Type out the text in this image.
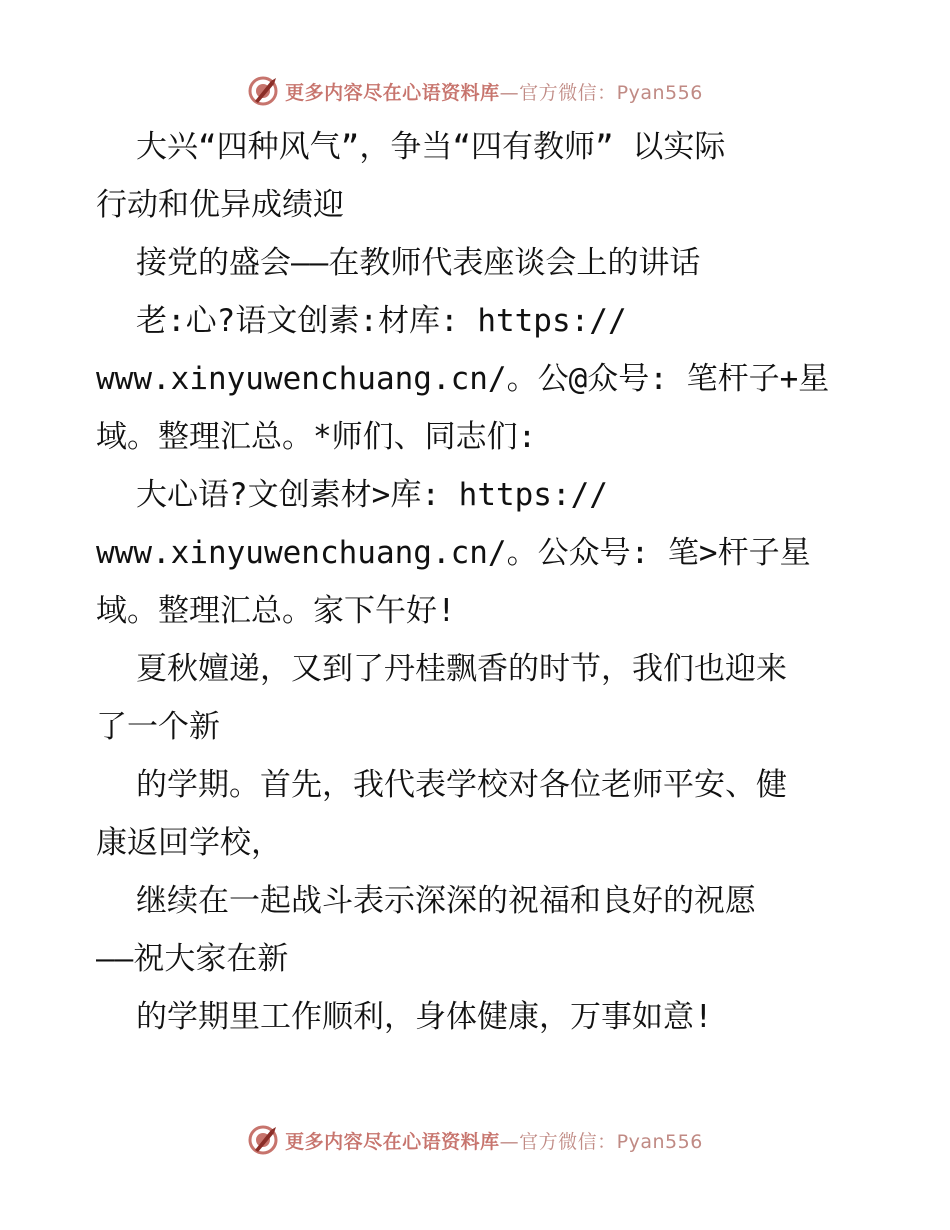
更多内容尽在心语资料库—官方微信：Pyan556
大兴“四种风气”，争当“四有教师” 以实际
行动和优异成绩迎
接党的盛会——在教师代表座谈会上的讲话
老:心?语文创素:材库: https://
www.xinyuwenchuang.cn/。公@众号: 笔杆子+星
域。整理汇总。*师们、同志们:
大心语?文创素材>库: https://
www.xinyuwenchuang.cn/。公众号: 笔>杆子星
域。整理汇总。家下午好!
夏秋嬗递，又到了丹桂飘香的时节，我们也迎来
了一个新
的学期。首先，我代表学校对各位老师平安、健
康返回学校，
继续在一起战斗表示深深的祝福和良好的祝愿
——祝大家在新
的学期里工作顺利，身体健康，万事如意!
更多内容尽在心语资料库—官方微信：Pyan556
